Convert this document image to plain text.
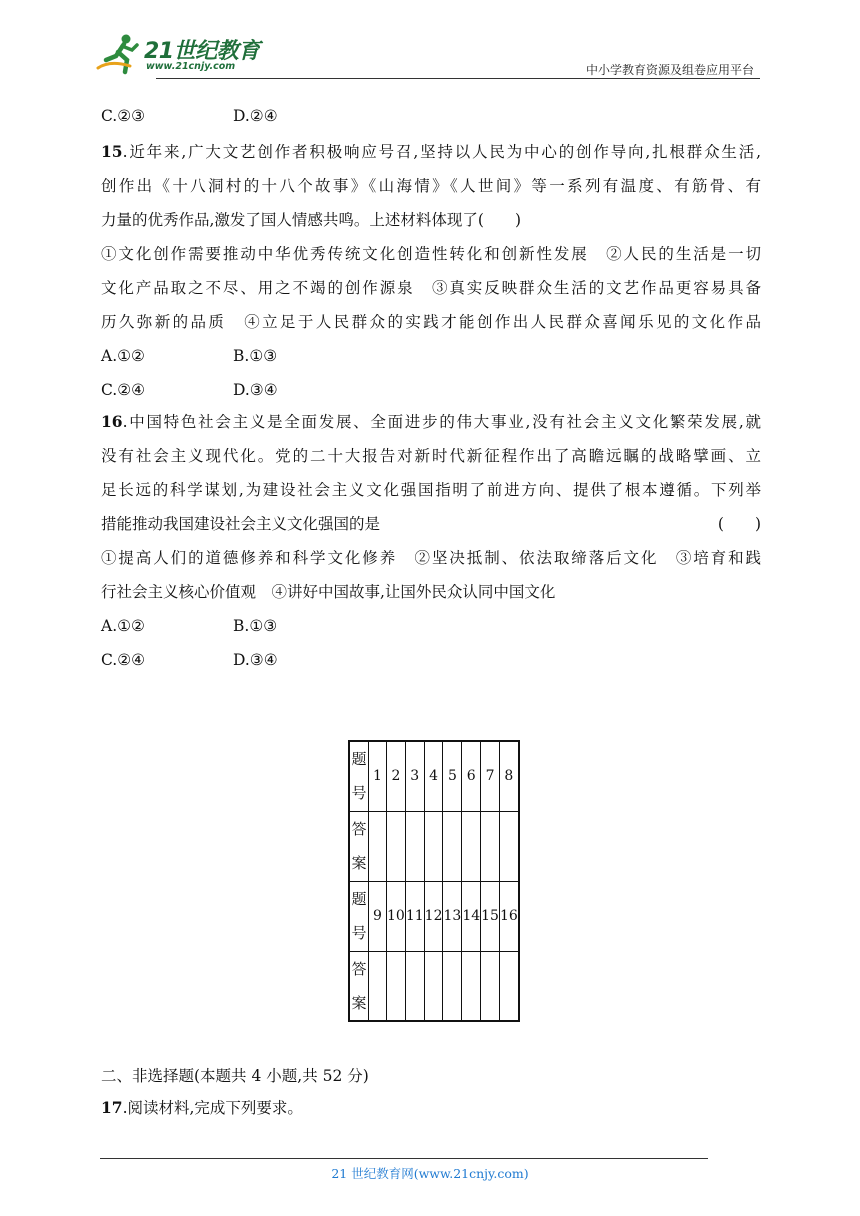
21世纪教育
www.21cnjy.com	中小学教育资源及组卷应用平台
C.②③	D.②④
15.近年来,广大文艺创作者积极响应号召,坚持以人民为中心的创作导向,扎根群众生活,
创作出《十八洞村的十八个故事》《山海情》《人世间》等一系列有温度、有筋骨、有
力量的优秀作品,激发了国人情感共鸣。上述材料体现了(　　)
①文化创作需要推动中华优秀传统文化创造性转化和创新性发展　②人民的生活是一切
文化产品取之不尽、用之不竭的创作源泉　③真实反映群众生活的文艺作品更容易具备
历久弥新的品质　④立足于人民群众的实践才能创作出人民群众喜闻乐见的文化作品
A.①②	B.①③
C.②④	D.③④
16.中国特色社会主义是全面发展、全面进步的伟大事业,没有社会主义文化繁荣发展,就
没有社会主义现代化。党的二十大报告对新时代新征程作出了高瞻远瞩的战略擘画、立
足长远的科学谋划,为建设社会主义文化强国指明了前进方向、提供了根本遵循。下列举
措能推动我国建设社会主义文化强国的是	(　　)
①提高人们的道德修养和科学文化修养　②坚决抵制、依法取缔落后文化　③培育和践
行社会主义核心价值观　④讲好中国故事,让国外民众认同中国文化
A.①②	B.①③
C.②④	D.③④
题
号	1	2	3	4	5	6	7	8
答
案								
题
号	9	10	11	12	13	14	15	16
答
案								
二、非选择题(本题共 4 小题,共 52 分)
17.阅读材料,完成下列要求。
21 世纪教育网(www.21cnjy.com)
